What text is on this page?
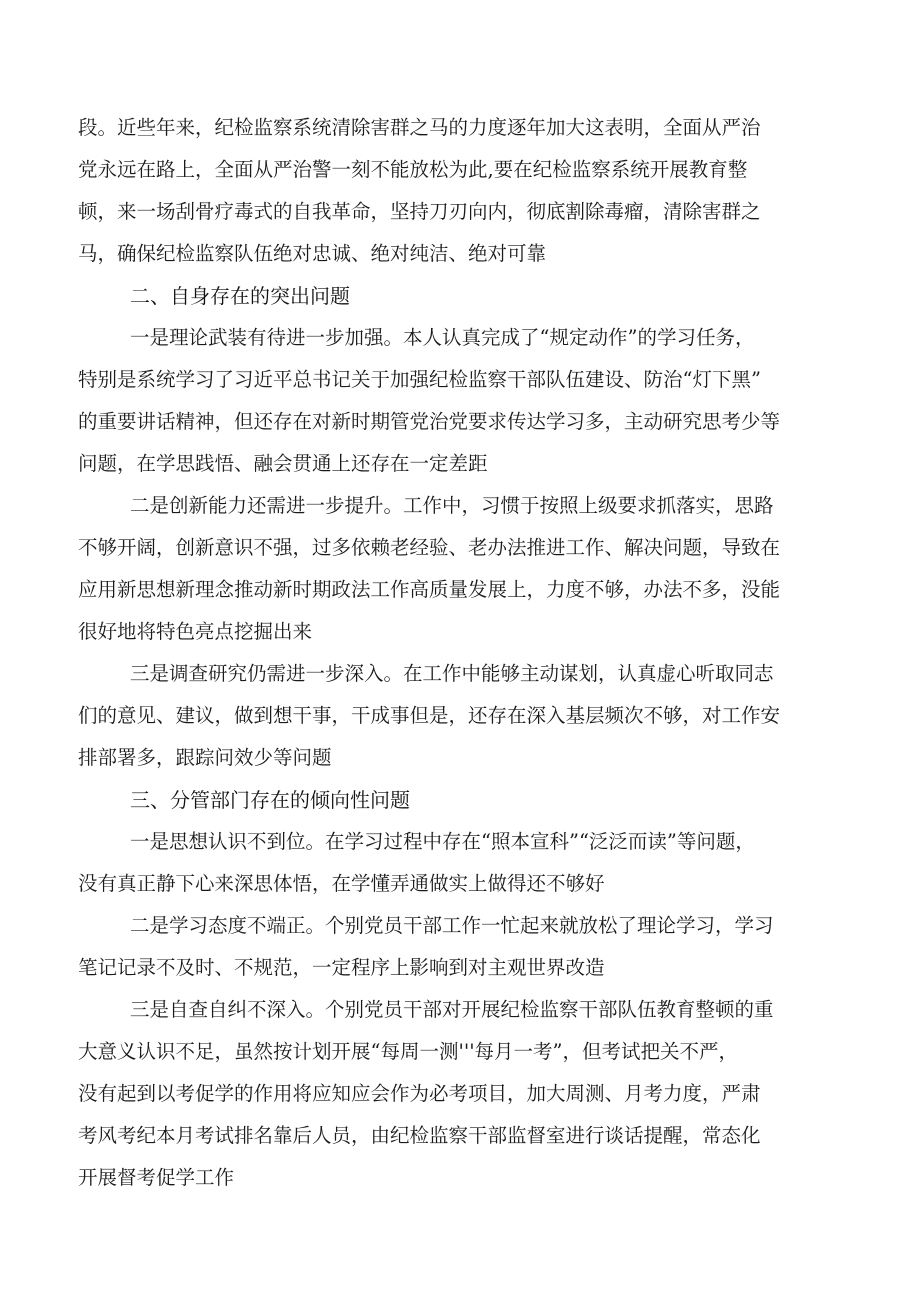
段。近些年来，纪检监察系统清除害群之马的力度逐年加大这表明，全面从严治
党永远在路上，全面从严治警一刻不能放松为此,要在纪检监察系统开展教育整
顿，来一场刮骨疗毒式的自我革命，坚持刀刃向内，彻底割除毒瘤，清除害群之
马，确保纪检监察队伍绝对忠诚、绝对纯洁、绝对可靠
二、自身存在的突出问题
一是理论武装有待进一步加强。本人认真完成了“规定动作”的学习任务，
特别是系统学习了习近平总书记关于加强纪检监察干部队伍建设、防治“灯下黑”
的重要讲话精神，但还存在对新时期管党治党要求传达学习多，主动研究思考少等
问题，在学思践悟、融会贯通上还存在一定差距
二是创新能力还需进一步提升。工作中，习惯于按照上级要求抓落实，思路
不够开阔，创新意识不强，过多依赖老经验、老办法推进工作、解决问题，导致在
应用新思想新理念推动新时期政法工作高质量发展上，力度不够，办法不多，没能
很好地将特色亮点挖掘出来
三是调查研究仍需进一步深入。在工作中能够主动谋划，认真虚心听取同志
们的意见、建议，做到想干事，干成事但是，还存在深入基层频次不够，对工作安
排部署多，跟踪问效少等问题
三、分管部门存在的倾向性问题
一是思想认识不到位。在学习过程中存在“照本宣科”“泛泛而读”等问题，
没有真正静下心来深思体悟，在学懂弄通做实上做得还不够好
二是学习态度不端正。个别党员干部工作一忙起来就放松了理论学习，学习
笔记记录不及时、不规范，一定程序上影响到对主观世界改造
三是自查自纠不深入。个别党员干部对开展纪检监察干部队伍教育整顿的重
大意义认识不足，虽然按计划开展“每周一测'''每月一考”，但考试把关不严，
没有起到以考促学的作用将应知应会作为必考项目，加大周测、月考力度，严肃
考风考纪本月考试排名靠后人员，由纪检监察干部监督室进行谈话提醒，常态化
开展督考促学工作
